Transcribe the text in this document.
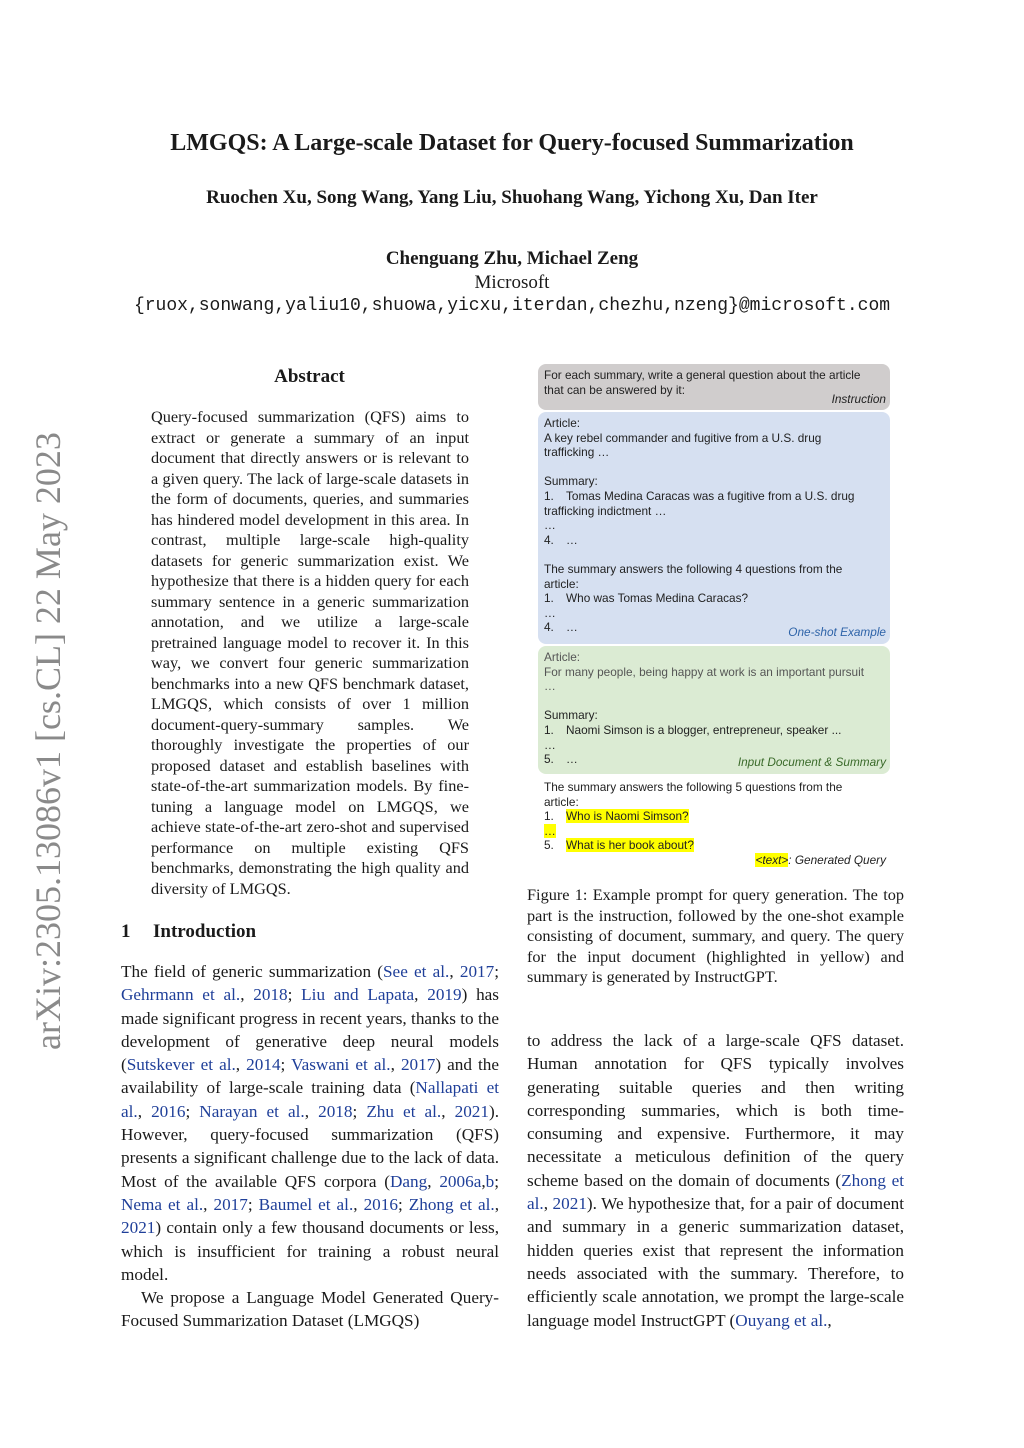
arXiv:2305.13086v1 [cs.CL] 22 May 2023
LMGQS: A Large-scale Dataset for Query-focused Summarization
Ruochen Xu, Song Wang, Yang Liu, Shuohang Wang, Yichong Xu, Dan Iter
Chenguang Zhu, Michael Zeng
Microsoft
{ruox,sonwang,yaliu10,shuowa,yicxu,iterdan,chezhu,nzeng}@microsoft.com
Abstract
Query-focused summarization (QFS) aims to extract or generate a summary of an input document that directly answers or is relevant to a given query. The lack of large-scale datasets in the form of documents, queries, and summaries has hindered model development in this area. In contrast, multiple large-scale high-quality datasets for generic summarization exist. We hypothesize that there is a hidden query for each summary sentence in a generic summarization annotation, and we utilize a large-scale pretrained language model to recover it. In this way, we convert four generic summarization benchmarks into a new QFS benchmark dataset, LMGQS, which consists of over 1 million document-query-summary samples. We thoroughly investigate the properties of our proposed dataset and establish baselines with state-of-the-art summarization models. By fine-tuning a language model on LMGQS, we achieve state-of-the-art zero-shot and supervised performance on multiple existing QFS benchmarks, demonstrating the high quality and diversity of LMGQS.
1 Introduction

The field of generic summarization (See et al., 2017; Gehrmann et al., 2018; Liu and Lapata, 2019) has made significant progress in recent years, thanks to the development of generative deep neural models (Sutskever et al., 2014; Vaswani et al., 2017) and the availability of large-scale training data (Nallapati et al., 2016; Narayan et al., 2018; Zhu et al., 2021). However, query-focused summarization (QFS) presents a significant challenge due to the lack of data. Most of the available QFS corpora (Dang, 2006a,b; Nema et al., 2017; Baumel et al., 2016; Zhong et al., 2021) contain only a few thousand documents or less, which is insufficient for training a robust neural model.

We propose a Language Model Generated Query-Focused Summarization Dataset (LMGQS)

to address the lack of a large-scale QFS dataset. Human annotation for QFS typically involves generating suitable queries and then writing corresponding summaries, which is both time-consuming and expensive. Furthermore, it may necessitate a meticulous definition of the query scheme based on the domain of documents (Zhong et al., 2021). We hypothesize that, for a pair of document and summary in a generic summarization dataset, hidden queries exist that represent the information needs associated with the summary. Therefore, to efficiently scale annotation, we prompt the large-scale language model InstructGPT (Ouyang et al.,

For each summary, write a general question about the article
that can be answered by it:
Instruction
Article:
A key rebel commander and fugitive from a U.S. drug
trafficking …
Summary:
1. Tomas Medina Caracas was a fugitive from a U.S. drug
trafficking indictment …
…
4. …
The summary answers the following 4 questions from the
article:
1. Who was Tomas Medina Caracas?
…
4. …	One-shot Example
Article:
For many people, being happy at work is an important pursuit
…
Summary:
1. Naomi Simson is a blogger, entrepreneur, speaker ...
…
5. …	Input Document & Summary
The summary answers the following 5 questions from the
article:
1. Who is Naomi Simson?
…
5. What is her book about?
<text>: Generated Query
Figure 1: Example prompt for query generation. The top part is the instruction, followed by the one-shot example consisting of document, summary, and query. The query for the input document (highlighted in yellow) and summary is generated by InstructGPT.
